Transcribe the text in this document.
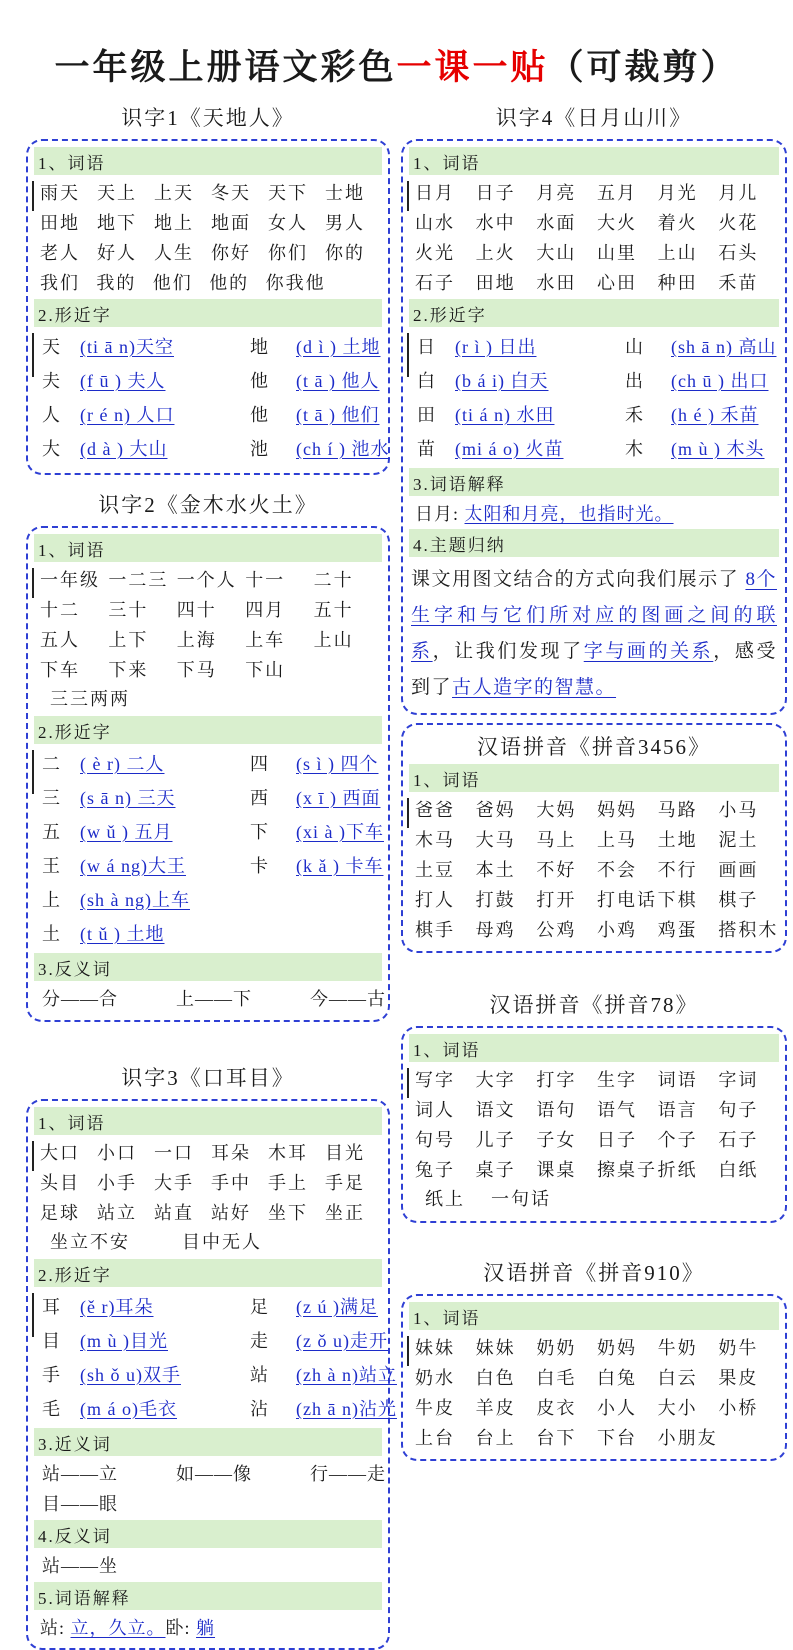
一年级上册语文彩色一课一贴（可裁剪）
识字1《天地人》
1、词语
雨天 天上 上天 冬天 天下 士地
田地 地下 地上 地面 女人 男人
老人 好人 人生 你好 你们 你的
我们 我的 他们 他的 你我他
2.形近字
天	(ti ā n)天空	地	(d ì ) 土地
夫	(f ū ) 夫人	他	(t ā ) 他人
人	(r é n) 人口	他	(t ā ) 他们
大	(d à ) 大山	池	(ch í ) 池水
识字2《金木水火土》
1、词语
一年级 一二三 一个人 十一	二十
十二	三十	四十	四月	五十
五人	上下	上海	上车	上山
下车	下来	下马	下山
三三两两
2.形近字
二	( è r) 二人	四	(s ì ) 四个
三	(s ā n) 三天	西	(x ī ) 西面
五	(w ǔ ) 五月	下	(xi à )下车
王	(w á ng)大王	卡	(k ǎ ) 卡车
上	(sh à ng)上车
土	(t ǔ ) 土地
3.反义词
分——合	上——下	今——古
识字3《口耳目》
1、词语
大口 小口 一口 耳朵 木耳 目光
头目 小手 大手 手中 手上 手足
足球 站立 站直 站好 坐下 坐正
坐立不安	目中无人
2.形近字
耳	(ě r)耳朵	足	(z ú )满足
目	(m ù )目光	走	(z ǒ u)走开
手	(sh ǒ u)双手	站	(zh à n)站立
毛	(m á o)毛衣	沾	(zh ā n)沾光
3.近义词
站——立	如——像	行——走
目——眼
4.反义词
站——坐
5.词语解释
站: 立，久立。卧: 躺
识字4《日月山川》
1、词语
日月	日子	月亮	五月	月光	月儿
山水	水中	水面	大火	着火	火花
火光	上火	大山	山里	上山	石头
石子	田地	水田	心田	种田	禾苗
2.形近字
日	(r ì ) 日出	山	(sh ā n) 高山
白	(b á i) 白天	出	(ch ū ) 出口
田	(ti á n) 水田	禾	(h é ) 禾苗
苗	(mi á o) 火苗	木	(m ù ) 木头
3.词语解释
日月: 太阳和月亮，也指时光。
4.主题归纳
课文用图文结合的方式向我们展示了 8个生字和与它们所对应的图画之间的联系，让我们发现了字与画的关系，感受到了古人造字的智慧。
汉语拼音《拼音3456》
1、词语
爸爸	爸妈	大妈	妈妈	马路	小马
木马	大马	马上	上马	土地	泥土
土豆	本土	不好	不会	不行	画画
打人	打鼓	打开	打电话 下棋	棋子
棋手	母鸡	公鸡	小鸡	鸡蛋	搭积木
汉语拼音《拼音78》
1、词语
写字	大字	打字	生字	词语	字词
词人	语文	语句	语气	语言	句子
句号	儿子	子女	日子	个子	石子
兔子	桌子	课桌	擦桌子 折纸	白纸
纸上 一句话
汉语拼音《拼音910》
1、词语
妹妹	妹妹	奶奶	奶妈	牛奶	奶牛
奶水	白色	白毛	白兔	白云	果皮
牛皮	羊皮	皮衣	小人	大小	小桥
上台	台上	台下	下台	小朋友
